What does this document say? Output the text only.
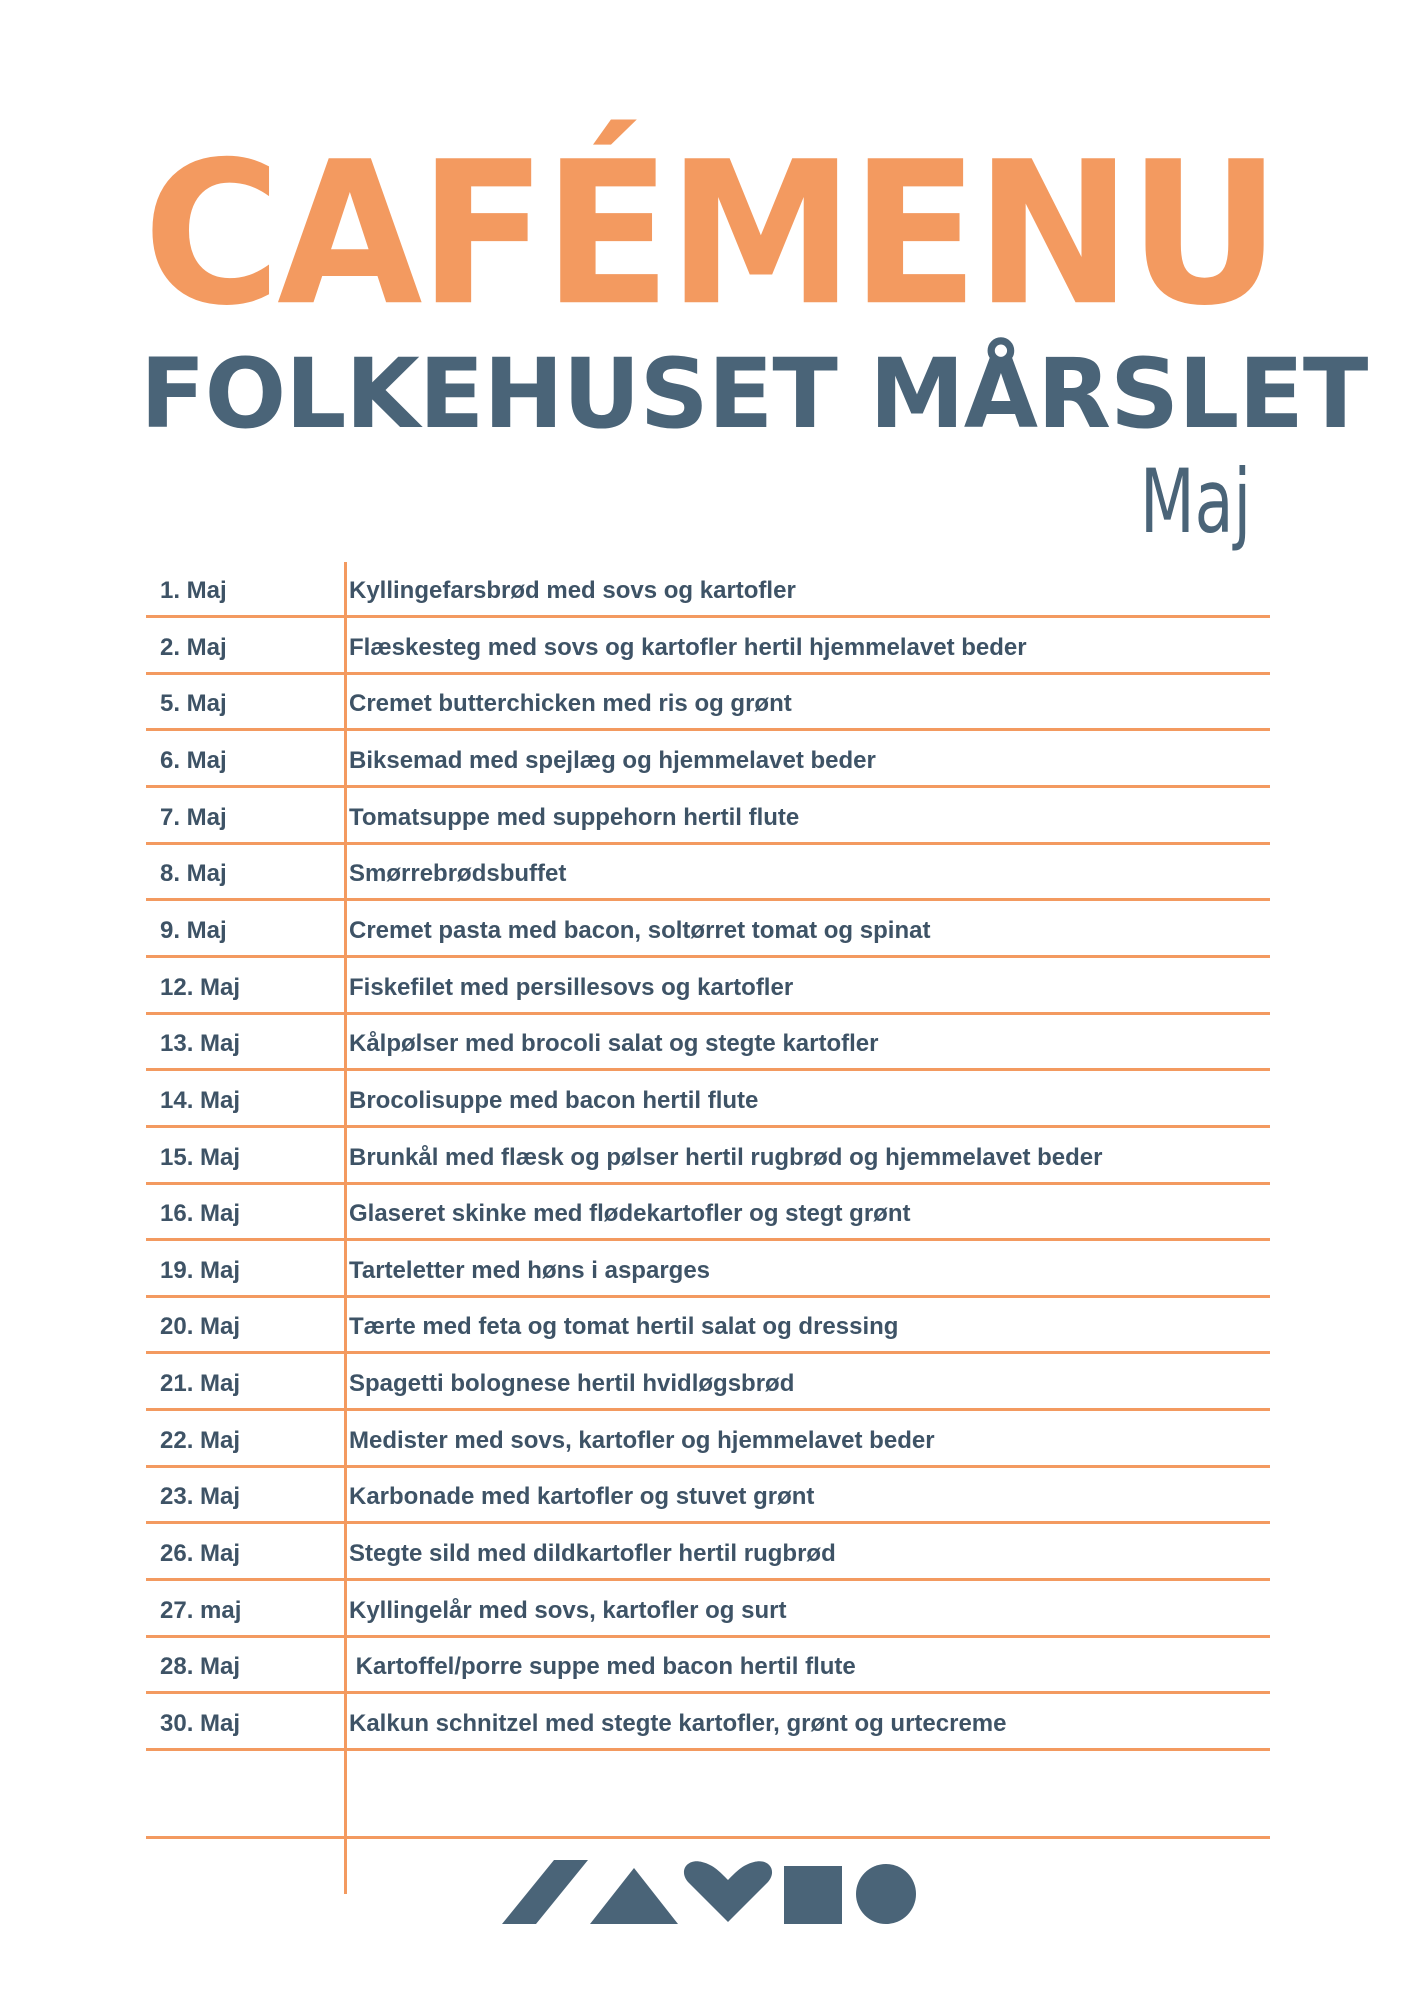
CAFÉMENU
FOLKEHUSET MÅRSLET
Maj
1. Maj	Kyllingefarsbrød med sovs og kartofler
2. Maj	Flæskesteg med sovs og kartofler hertil hjemmelavet beder
5. Maj	Cremet butterchicken med ris og grønt
6. Maj	Biksemad med spejlæg og hjemmelavet beder
7. Maj	Tomatsuppe med suppehorn hertil flute
8. Maj	Smørrebrødsbuffet
9. Maj	Cremet pasta med bacon, soltørret tomat og spinat
12. Maj	Fiskefilet med persillesovs og kartofler
13. Maj	Kålpølser med brocoli salat og stegte kartofler
14. Maj	Brocolisuppe med bacon hertil flute
15. Maj	Brunkål med flæsk og pølser hertil rugbrød og hjemmelavet beder
16. Maj	Glaseret skinke med flødekartofler og stegt grønt
19. Maj	Tarteletter med høns i asparges
20. Maj	Tærte med feta og tomat hertil salat og dressing
21. Maj	Spagetti bolognese hertil hvidløgsbrød
22. Maj	Medister med sovs, kartofler og hjemmelavet beder
23. Maj	Karbonade med kartofler og stuvet grønt
26. Maj	Stegte sild med dildkartofler hertil rugbrød
27. maj	Kyllingelår med sovs, kartofler og surt
28. Maj	Kartoffel/porre suppe med bacon hertil flute
30. Maj	Kalkun schnitzel med stegte kartofler, grønt og urtecreme
